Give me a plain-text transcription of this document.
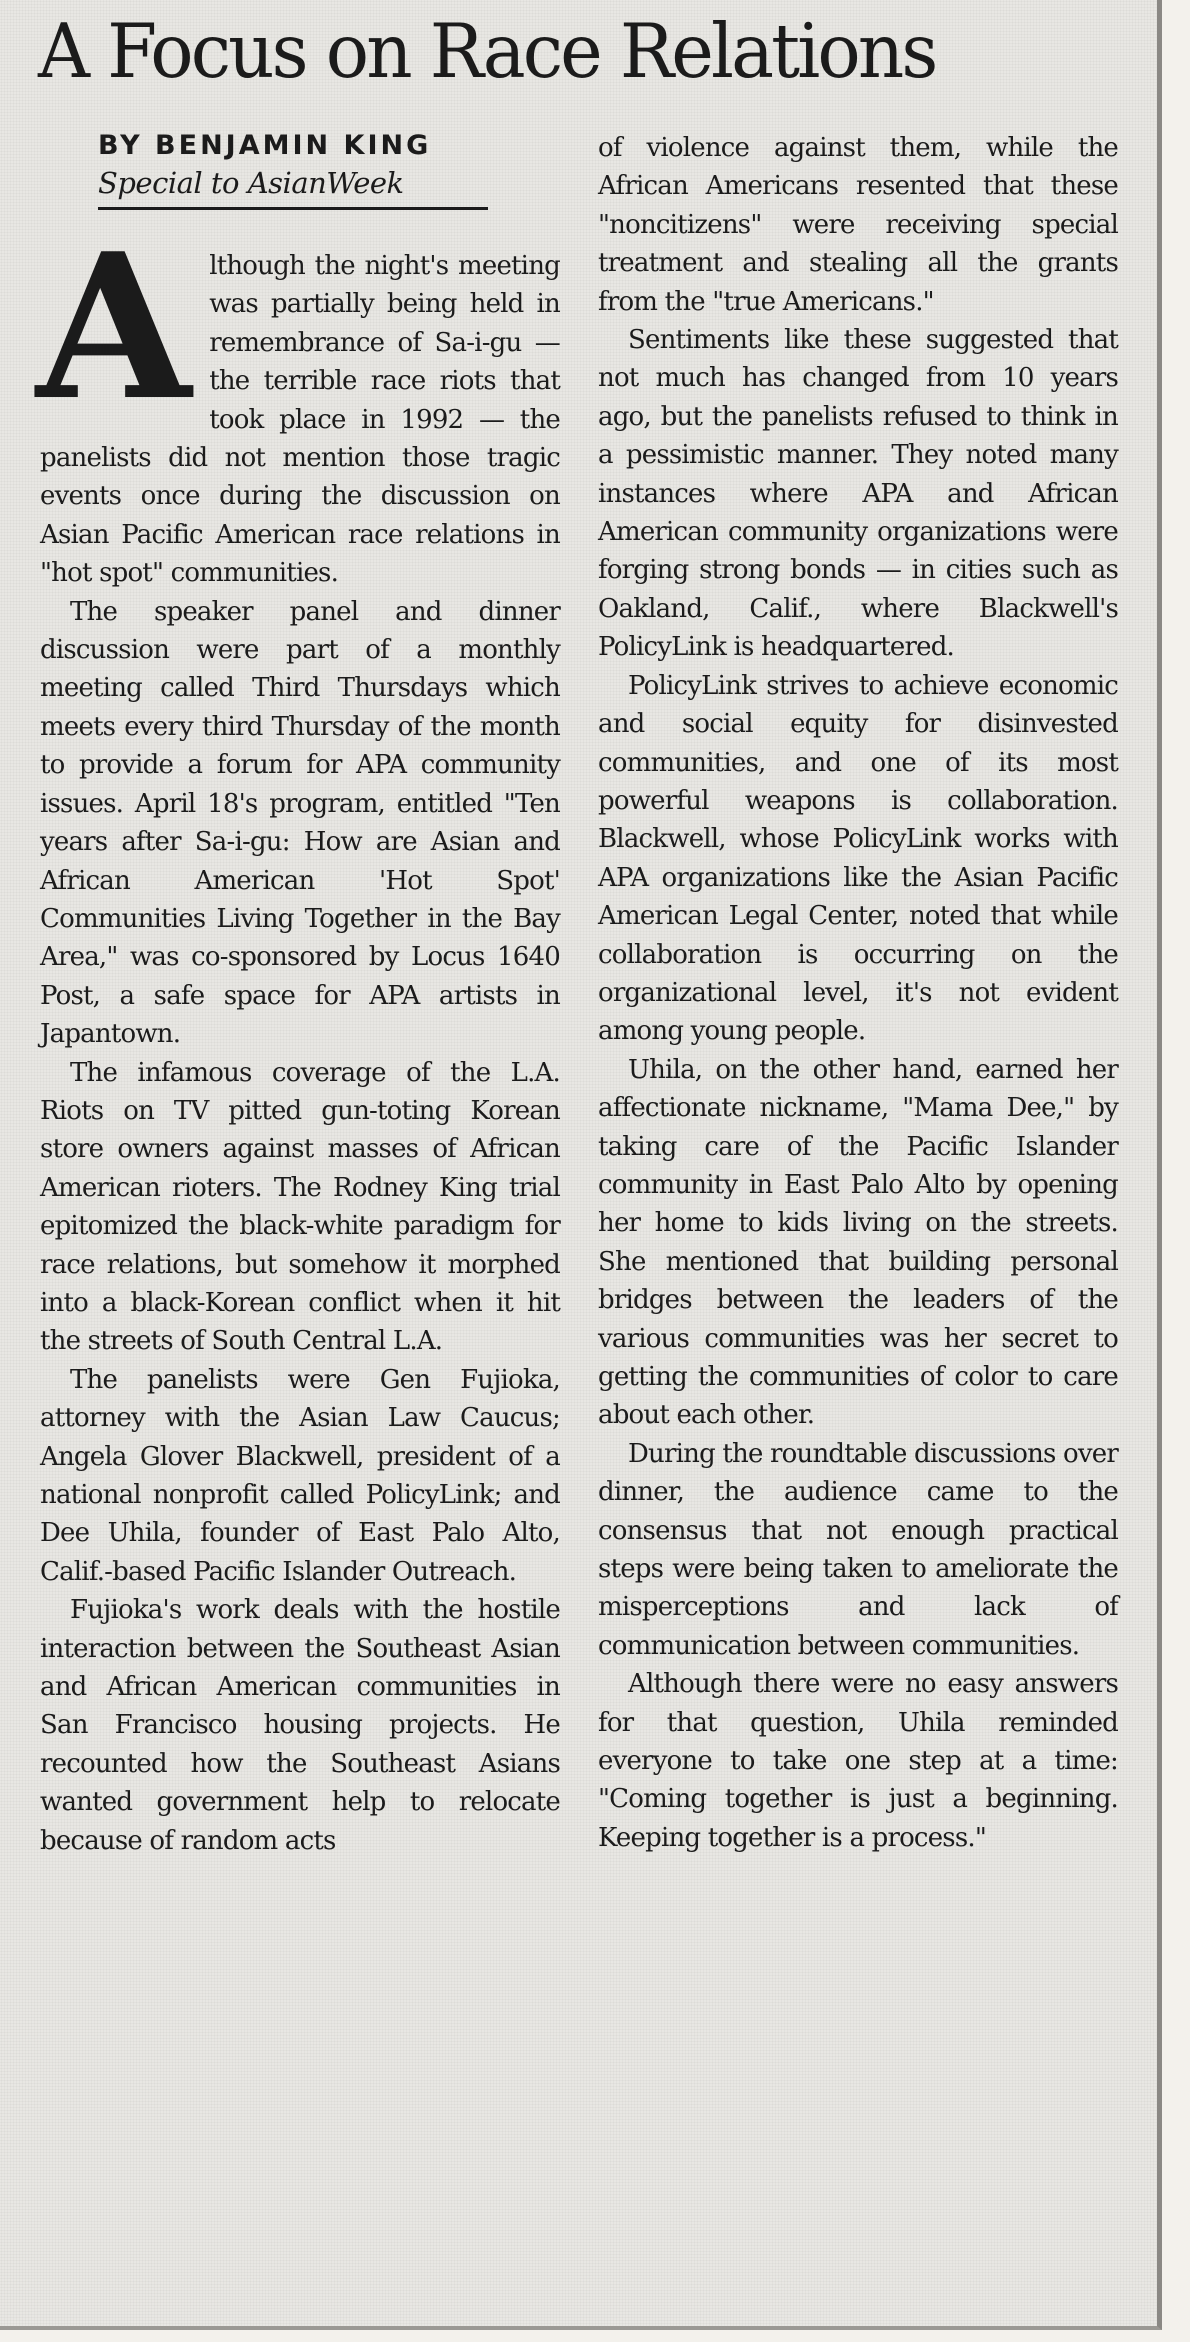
A Focus on Race Relations
BY BENJAMIN KING
Special to AsianWeek

Although the night's meeting was partially being held in remembrance of Sa-i-gu — the terrible race riots that took place in 1992 — the panelists did not mention those tragic events once during the discussion on Asian Pacific American race relations in "hot spot" communities.

The speaker panel and dinner discussion were part of a monthly meeting called Third Thursdays which meets every third Thursday of the month to provide a forum for APA community issues. April 18's program, entitled "Ten years after Sa-i-gu: How are Asian and African American 'Hot Spot' Communities Living Together in the Bay Area," was co-sponsored by Locus 1640 Post, a safe space for APA artists in Japantown.

The infamous coverage of the L.A. Riots on TV pitted gun-toting Korean store owners against masses of African American rioters. The Rodney King trial epitomized the black-white paradigm for race relations, but somehow it morphed into a black-Korean conflict when it hit the streets of South Central L.A.

The panelists were Gen Fujioka, attorney with the Asian Law Caucus; Angela Glover Blackwell, president of a national nonprofit called PolicyLink; and Dee Uhila, founder of East Palo Alto, Calif.-based Pacific Islander Outreach.

Fujioka's work deals with the hostile interaction between the Southeast Asian and African American communities in San Francisco housing projects. He recounted how the Southeast Asians wanted government help to relocate because of random acts

of violence against them, while the African Americans resented that these "noncitizens" were receiving special treatment and stealing all the grants from the "true Americans."

Sentiments like these suggested that not much has changed from 10 years ago, but the panelists refused to think in a pessimistic manner. They noted many instances where APA and African American community organizations were forging strong bonds — in cities such as Oakland, Calif., where Blackwell's PolicyLink is headquartered.

PolicyLink strives to achieve economic and social equity for disinvested communities, and one of its most powerful weapons is collaboration. Blackwell, whose PolicyLink works with APA organizations like the Asian Pacific American Legal Center, noted that while collaboration is occurring on the organizational level, it's not evident among young people.

Uhila, on the other hand, earned her affectionate nickname, "Mama Dee," by taking care of the Pacific Islander community in East Palo Alto by opening her home to kids living on the streets. She mentioned that building personal bridges between the leaders of the various communities was her secret to getting the communities of color to care about each other.

During the roundtable discussions over dinner, the audience came to the consensus that not enough practical steps were being taken to ameliorate the misperceptions and lack of communication between communities.

Although there were no easy answers for that question, Uhila reminded everyone to take one step at a time: "Coming together is just a beginning. Keeping together is a process."
